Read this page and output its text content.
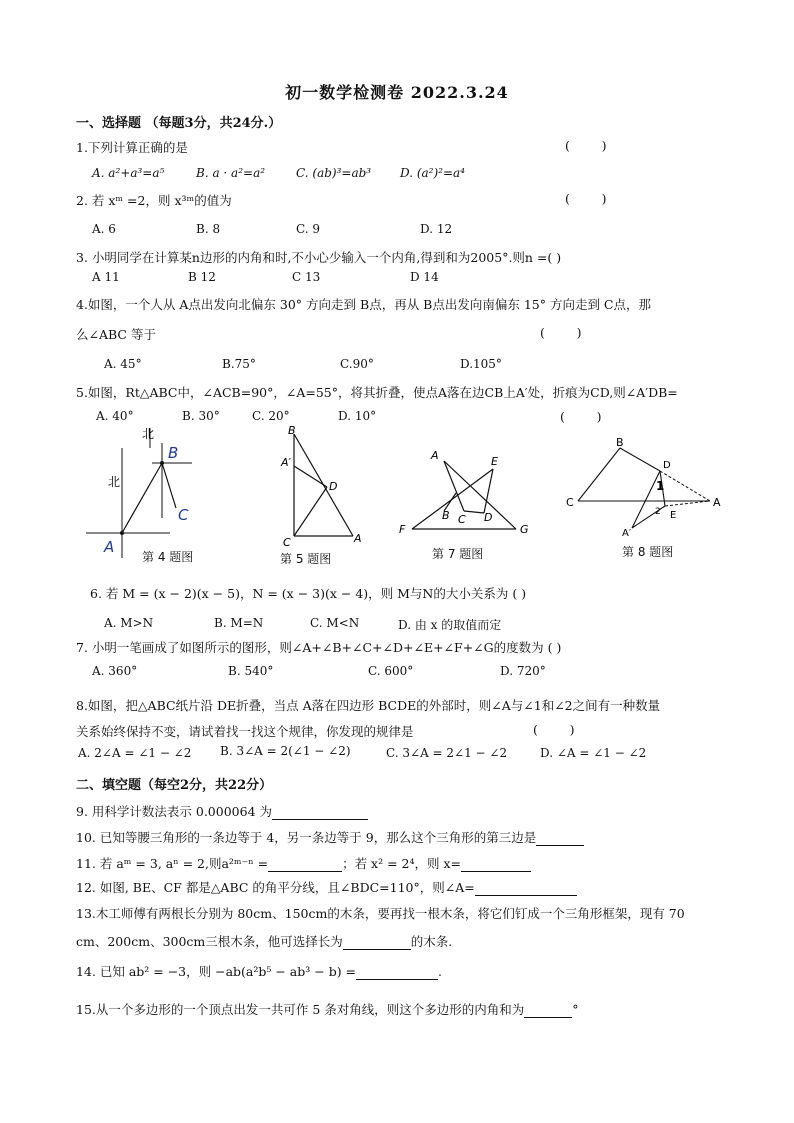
初一数学检测卷 2022.3.24
一、选择题 （每题3分，共24分.）
1.下列计算正确的是	(        )
A. a²+a³=a⁵	B. a · a²=a²	C. (ab)³=ab³ D. (a²)²=a⁴
2. 若 xᵐ =2，则 x³ᵐ的值为	(        )
A. 6	B. 8	C. 9	D. 12
3. 小明同学在计算某n边形的内角和时,不小心少输入一个内角,得到和为2005°.则n =( )
A 11	B 12	C 13	D 14
4.如图，一个人从 A点出发向北偏东 30° 方向走到 B点，再从 B点出发向南偏东 15° 方向走到 C点，那
么∠ABC 等于	(        )
A. 45°	B.75°	C.90°	D.105°
5.如图，Rt△ABC中，∠ACB=90°，∠A=55°，将其折叠，使点A落在边CB上A′处，折痕为CD,则∠A′DB=
A. 40°	B. 30°	C. 20°	D. 10°	(        )
北
北
B
C
A
第 4 题图
B
A′
D
C	A
第 5 题图
A	E
B C D
F	G
第 7 题图
B
D
C	A
A′
E
2
1
第 8 题图
6. 若 M = (x − 2)(x − 5)，N = (x − 3)(x − 4)，则 M与N的大小关系为 ( )
A. M>N	B. M=N	C. M<N	D. 由 x 的取值而定
7. 小明一笔画成了如图所示的图形，则∠A+∠B+∠C+∠D+∠E+∠F+∠G的度数为 ( )
A. 360°	B. 540°	C. 600°	D. 720°
8.如图，把△ABC纸片沿 DE折叠，当点 A落在四边形 BCDE的外部时，则∠A与∠1和∠2之间有一种数量
关系始终保持不变，请试着找一找这个规律，你发现的规律是	(        )
A. 2∠A = ∠1 − ∠2 B. 3∠A = 2(∠1 − ∠2)	C. 3∠A = 2∠1 − ∠2	D. ∠A = ∠1 − ∠2
二、填空题（每空2分，共22分）
9. 用科学计数法表示 0.000064 为
10. 已知等腰三角形的一条边等于 4，另一条边等于 9，那么这个三角形的第三边是
11. 若 aᵐ = 3, aⁿ = 2,则a²ᵐ⁻ⁿ =	；若 x² = 2⁴，则 x=
12. 如图, BE、CF 都是△ABC 的角平分线，且∠BDC=110°，则∠A=
13.木工师傅有两根长分别为 80cm、150cm的木条，要再找一根木条，将它们钉成一个三角形框架，现有 70
cm、200cm、300cm三根木条，他可选择长为	的木条.
14. 已知 ab² = −3，则 −ab(a²b⁵ − ab³ − b) =	.
15.从一个多边形的一个顶点出发一共可作 5 条对角线，则这个多边形的内角和为	°
